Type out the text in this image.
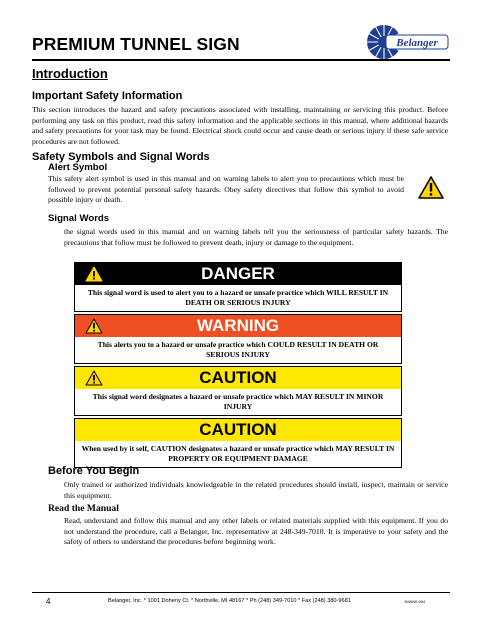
PREMIUM TUNNEL SIGN	Belanger
Introduction
Important Safety Information

This section introduces the hazard and safety precautions associated with installing, maintaining or servicing this product. Before performing any task on this product, read this safety information and the applicable sections in this manual, where additional hazards and safety precautions for your task may be found. Electrical shock could occur and cause death or serious injury if these safe service procedures are not followed.

Safety Symbols and Signal Words
Alert Symbol

This safety alert symbol is used in this manual and on warning labels to alert you to precautions which must be followed to prevent potential personal safety hazards. Obey safety directives that follow this symbol to avoid possible injury or death.

Signal Words

the signal words used in this manual and on warning labels tell you the seriousness of particular safety hazards. The precautions that follow must be followed to prevent death, injury or damage to the equipment.

DANGER
This signal word is used to alert you to a hazard or unsafe practice which WILL RESULT IN DEATH OR SERIOUS INJURY
WARNING
This alerts you to a hazard or unsafe practice which COULD RESULT IN DEATH OR SERIOUS INJURY
CAUTION
This signal word designates a hazard or unsafe practice which MAY RESULT IN MINOR INJURY
CAUTION
When used by it self, CAUTION designates a hazard or unsafe practice which MAY RESULT IN PROPERTY OR EQUIPMENT DAMAGE
Before You Begin

Only trained or authorized individuals knowledgeable in the related procedures should install, inspect, maintain or service this equipment.

Read the Manual

Read, understand and follow this manual and any other labels or related materials supplied with this equipment. If you do not understand the procedure, call a Belanger, Inc. representative at 248-349-7010. It is imperative to your safety and the safety of others to understand the procedures before beginning work.

4	Belanger, Inc. * 1001 Doheny Ct. * Northville, MI 48167 * Ph (248) 349-7010 * Fax (248) 380-9681	1MAN0.094
